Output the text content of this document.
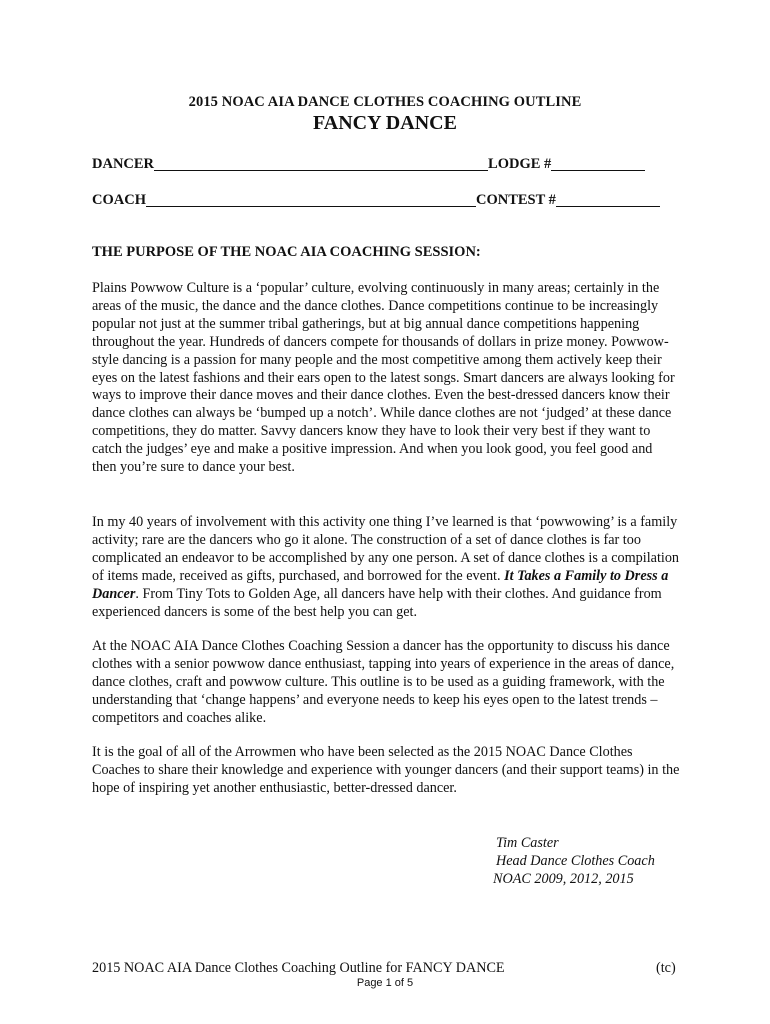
2015 NOAC AIA DANCE CLOTHES COACHING OUTLINE
FANCY DANCE
DANCER	LODGE #
COACH	CONTEST #
THE PURPOSE OF THE NOAC AIA COACHING SESSION:

Plains Powwow Culture is a ‘popular’ culture, evolving continuously in many areas; certainly in the areas of the music, the dance and the dance clothes. Dance competitions continue to be increasingly popular not just at the summer tribal gatherings, but at big annual dance competitions happening throughout the year. Hundreds of dancers compete for thousands of dollars in prize money. Powwow-style dancing is a passion for many people and the most competitive among them actively keep their eyes on the latest fashions and their ears open to the latest songs. Smart dancers are always looking for ways to improve their dance moves and their dance clothes. Even the best-dressed dancers know their dance clothes can always be ‘bumped up a notch’. While dance clothes are not ‘judged’ at these dance competitions, they do matter. Savvy dancers know they have to look their very best if they want to catch the judges’ eye and make a positive impression. And when you look good, you feel good and then you’re sure to dance your best.

In my 40 years of involvement with this activity one thing I’ve learned is that ‘powwowing’ is a family activity; rare are the dancers who go it alone. The construction of a set of dance clothes is far too complicated an endeavor to be accomplished by any one person. A set of dance clothes is a compilation of items made, received as gifts, purchased, and borrowed for the event. It Takes a Family to Dress a Dancer. From Tiny Tots to Golden Age, all dancers have help with their clothes. And guidance from experienced dancers is some of the best help you can get.

At the NOAC AIA Dance Clothes Coaching Session a dancer has the opportunity to discuss his dance clothes with a senior powwow dance enthusiast, tapping into years of experience in the areas of dance, dance clothes, craft and powwow culture. This outline is to be used as a guiding framework, with the understanding that ‘change happens’ and everyone needs to keep his eyes open to the latest trends – competitors and coaches alike.

It is the goal of all of the Arrowmen who have been selected as the 2015 NOAC Dance Clothes Coaches to share their knowledge and experience with younger dancers (and their support teams) in the hope of inspiring yet another enthusiastic, better-dressed dancer.

Tim Caster
Head Dance Clothes Coach
NOAC 2009, 2012, 2015
2015 NOAC AIA Dance Clothes Coaching Outline for FANCY DANCE	(tc)
Page 1 of 5
